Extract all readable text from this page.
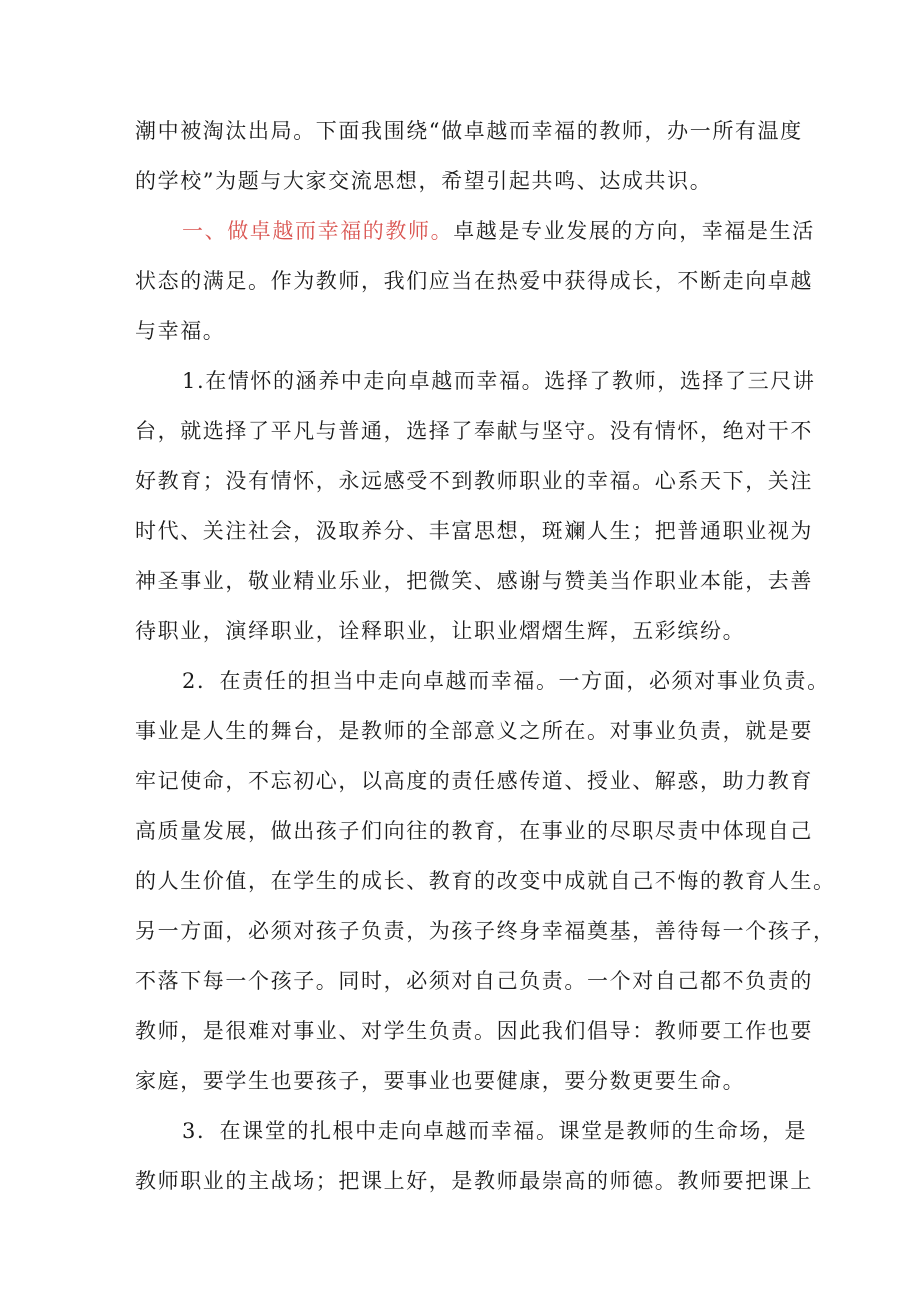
潮中被淘汰出局。下面我围绕“做卓越而幸福的教师，办一所有温度
的学校”为题与大家交流思想，希望引起共鸣、达成共识。
一、做卓越而幸福的教师。卓越是专业发展的方向，幸福是生活
状态的满足。作为教师，我们应当在热爱中获得成长，不断走向卓越
与幸福。
1.在情怀的涵养中走向卓越而幸福。选择了教师，选择了三尺讲
台，就选择了平凡与普通，选择了奉献与坚守。没有情怀，绝对干不
好教育；没有情怀，永远感受不到教师职业的幸福。心系天下，关注
时代、关注社会，汲取养分、丰富思想，斑斓人生；把普通职业视为
神圣事业，敬业精业乐业，把微笑、感谢与赞美当作职业本能，去善
待职业，演绎职业，诠释职业，让职业熠熠生辉，五彩缤纷。
2．在责任的担当中走向卓越而幸福。一方面，必须对事业负责。
事业是人生的舞台，是教师的全部意义之所在。对事业负责，就是要
牢记使命，不忘初心，以高度的责任感传道、授业、解惑，助力教育
高质量发展，做出孩子们向往的教育，在事业的尽职尽责中体现自己
的人生价值，在学生的成长、教育的改变中成就自己不悔的教育人生。
另一方面，必须对孩子负责，为孩子终身幸福奠基，善待每一个孩子，
不落下每一个孩子。同时，必须对自己负责。一个对自己都不负责的
教师，是很难对事业、对学生负责。因此我们倡导：教师要工作也要
家庭，要学生也要孩子，要事业也要健康，要分数更要生命。
3．在课堂的扎根中走向卓越而幸福。课堂是教师的生命场，是
教师职业的主战场；把课上好，是教师最崇高的师德。教师要把课上
